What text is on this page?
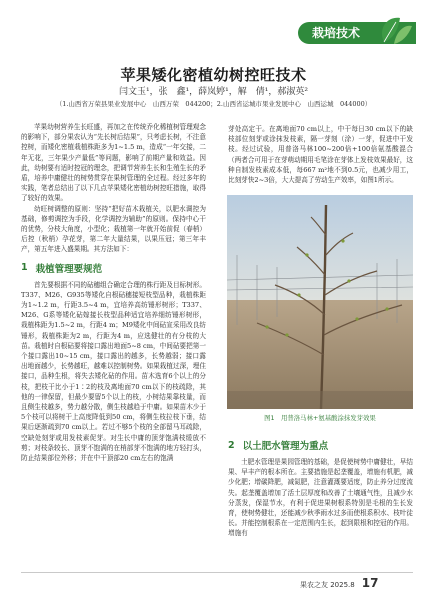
栽培技术
苹果矮化密植幼树控旺技术
闫文玉¹，张　鑫¹，薛岚婷¹，解　倩¹，郝淑英²
（1.山西省万荣县果业发展中心　山西万荣　044200；2.山西省运城市果业发展中心　山西运城　044000）

苹果幼树营养生长旺盛，再加之在传统乔化稀植树管理观念的影响下，部分果农认为“先长树后结果”，只考虑长树，不注意控树，而矮化密植栽植株距多为1~1.5 m，造成“一年交接，二年无花，三年果少产量低”等问题，影响了前期产量和效益。因此，幼树要有适时控冠的理念，把调节营养生长和生殖生长的矛盾，培养中庸健壮的树势贯穿在果树管理的全过程。经过多年的实践，笔者总结出了以下几点苹果矮化密植幼树控旺措施，取得了较好的效果。

幼旺树调整的原则：坚持“把好苗木栽植关，以肥水调控为基础，修剪调控为手段，化学调控为辅助”的原则。保持中心干的优势，分枝大角度，小型化；栽植第一年就开始前促（春梢）后控（秋梢）孕花芽，第二年大量结果，以果压冠；第三年丰产，第五年进入盛果期。其方法如下：

1 栽植管理要规范

首先要根据不同的砧穗组合确定合理的株行距及目标树形。T337、M26、G935等矮化自根砧穗接短枝型品种，栽植株距为1~1.2 m，行距3.5~4 m，宜培养高纺锤形树形；T337、M26、G系等矮化砧嫁接长枝型品种适宜培养细纺锤形树形，栽植株距为1.5~2 m，行距4 m；M9矮化中间砧宣采用改良纺锤形，栽植株距为2 m，行距为4 m，应选健壮的有分枝的大苗。栽植时自根砧要将接口露出地面5~8 cm，中间砧要把第一个接口露出10~15 cm，接口露出的越多，长势越弱；接口露出地面越少，长势越旺，越难以控制树势。如果栽植过深，埋住接口，品种生根，将失去矮化砧的作用。苗木选育6个以上的分枝，把枝干比小于1∶2的枝及离地面70 cm以下的枝疏除，其他的一律保留，但最少要留5个以上的枝，小树结果靠枝量，而且侧生枝越多，势力越分散，侧生枝越趋于中庸。如果苗木少于5个枝可以将树干上高度降低到50 cm，将侧生枝拉枝下垂，结果后逐渐疏到70 cm以上。若过不够5个枝的全部留马耳疏除，空缺处刻芽或用发枝素促芽。对生长中庸的顶芽饱满枝缓放不剪；对枝条较长、顶芽不饱满的在梢部芽不饱满的地方轻打头，防止结果部位外移；并在中干顶部20 cm左右的饱满

芽处高定干。在离地面70 cm以上，中干每日30 cm以下的缺枝部位刻芽或涂抹发枝素，隔一芽刻（涂）一芽，促进中干发枝。经过试验，用普洛马林100~200倍+100倍氨基酸混合（两者合可用于在芽萌动期用毛笔涂在芽体上发枝效果最好，这种自制发枝素成本低，每667 m²地不到0.5元，也减少用工，比刻芽快2~3倍，大大提高了劳动生产效率，如图1所示。

图1　用普洛马林+氨基酸涂抹发芽效果
2 以土肥水管理为重点

土肥水管理是果园管理的基础，是促使树势中庸健壮，早结果、早丰产的根本所在。主要措施是起垄覆盖，增施有机肥，减少化肥；增碳降肥，减氮肥，注意灌溉要适度，防止养分过度流失。起垄覆盖增加了活土层厚度和改善了土壤通气性，且减少水分蒸发，保湿节水，有利于促进果树根系特别是毛根的生长发育，使树势健壮，还能减少秋季雨水过多而使根系积水、枝叶徒长。并能控制根系在一定范围内生长，起到限根和控冠的作用。增施有

果农之友 2025.8 17
